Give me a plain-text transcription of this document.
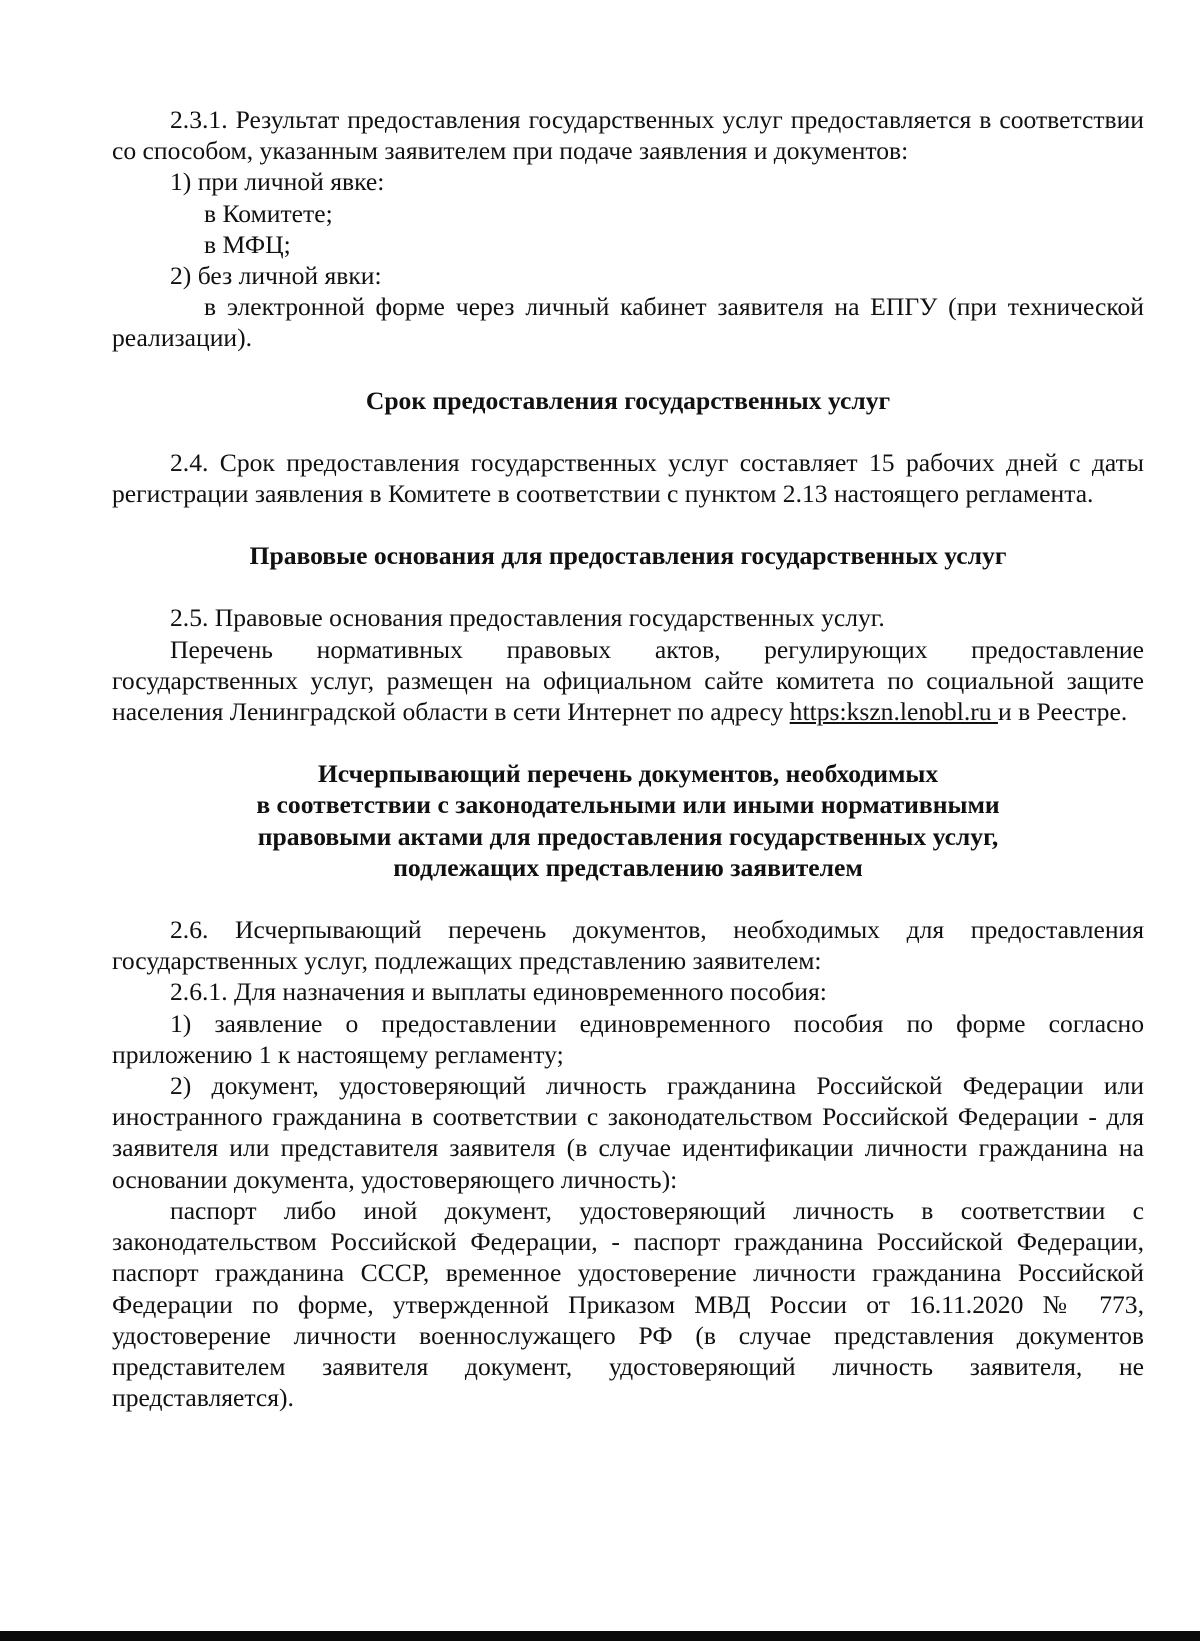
2.3.1. Результат предоставления государственных услуг предоставляется в соответствии со способом, указанным заявителем при подаче заявления и документов:

1) при личной явке:

в Комитете;

в МФЦ;

2) без личной явки:

в электронной форме через личный кабинет заявителя на ЕПГУ (при технической реализации).

Срок предоставления государственных услуг

2.4. Срок предоставления государственных услуг составляет 15 рабочих дней с даты регистрации заявления в Комитете в соответствии с пунктом 2.13 настоящего регламента.

Правовые основания для предоставления государственных услуг

2.5. Правовые основания предоставления государственных услуг.

Перечень нормативных правовых актов, регулирующих предоставление государственных услуг, размещен на официальном сайте комитета по социальной защите населения Ленинградской области в сети Интернет по адресу https:kszn.lenobl.ru и в Реестре.

Исчерпывающий перечень документов, необходимых
в соответствии с законодательными или иными нормативными
правовыми актами для предоставления государственных услуг,
подлежащих представлению заявителем

2.6. Исчерпывающий перечень документов, необходимых для предоставления государственных услуг, подлежащих представлению заявителем:

2.6.1. Для назначения и выплаты единовременного пособия:

1) заявление о предоставлении единовременного пособия по форме согласно приложению 1 к настоящему регламенту;

2) документ, удостоверяющий личность гражданина Российской Федерации или иностранного гражданина в соответствии с законодательством Российской Федерации - для заявителя или представителя заявителя (в случае идентификации личности гражданина на основании документа, удостоверяющего личность):

паспорт либо иной документ, удостоверяющий личность в соответствии с законодательством Российской Федерации, - паспорт гражданина Российской Федерации, паспорт гражданина СССР, временное удостоверение личности гражданина Российской Федерации по форме, утвержденной Приказом МВД России от 16.11.2020 № 773, удостоверение личности военнослужащего РФ (в случае представления документов представителем заявителя документ, удостоверяющий личность заявителя, не представляется).
